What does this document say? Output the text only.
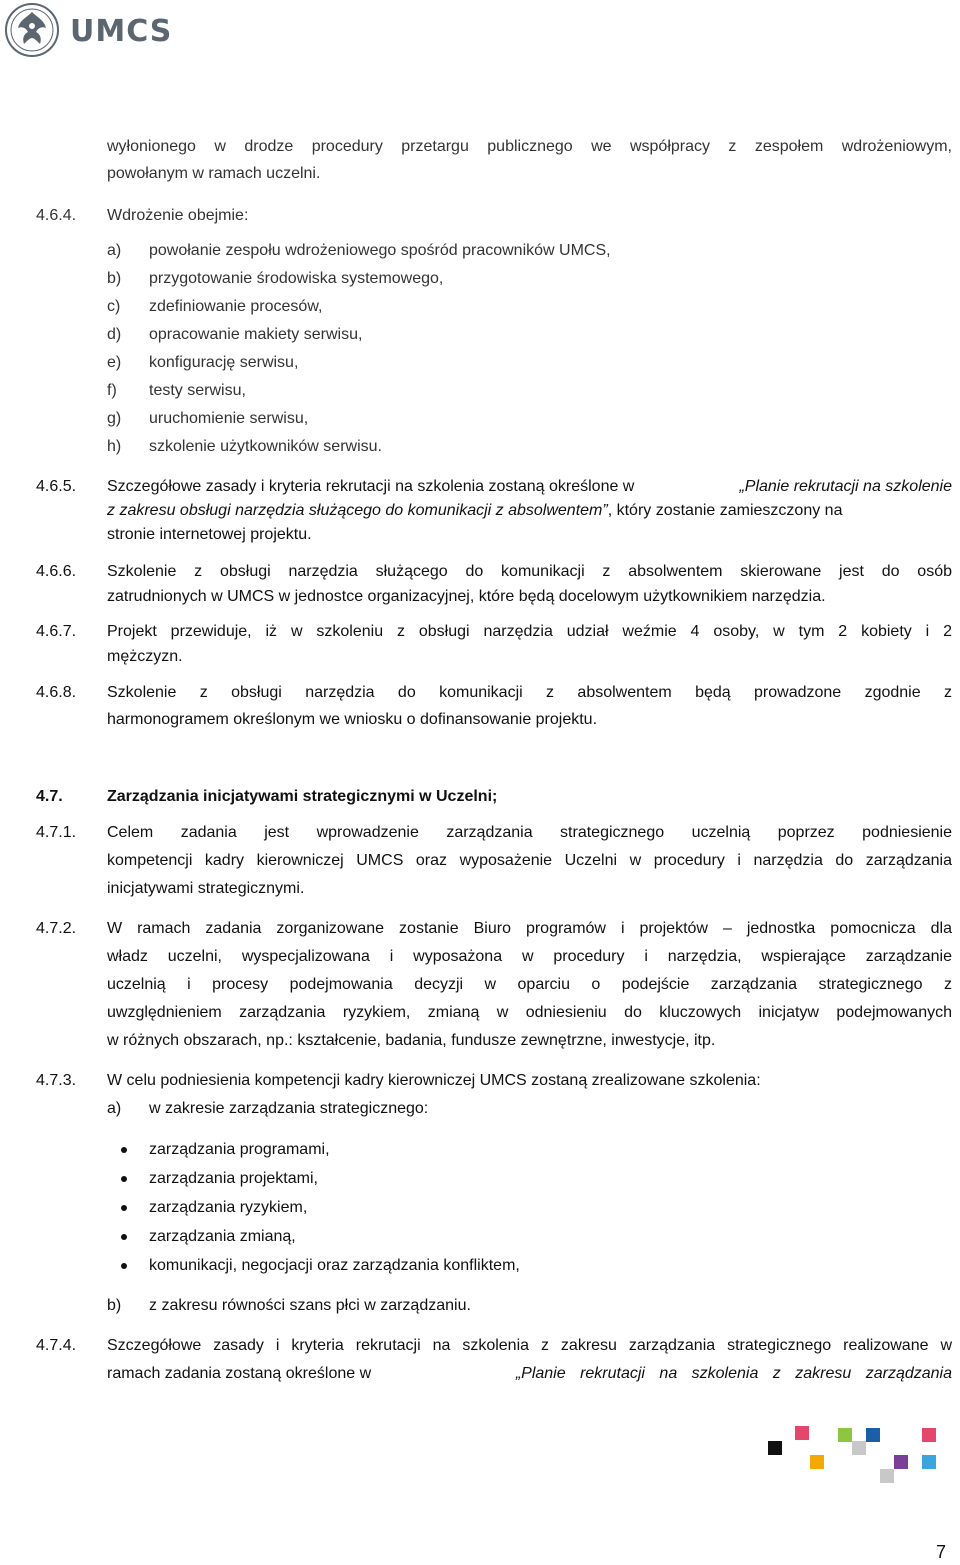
UMCS
wyłonionego w drodze procedury przetargu publicznego we współpracy z zespołem wdrożeniowym,
powołanym w ramach uczelni.
4.6.4. Wdrożenie obejmie:
a) powołanie zespołu wdrożeniowego spośród pracowników UMCS,
b) przygotowanie środowiska systemowego,
c) zdefiniowanie procesów,
d) opracowanie makiety serwisu,
e) konfigurację serwisu,
f) testy serwisu,
g) uruchomienie serwisu,
h) szkolenie użytkowników serwisu.
4.6.5. Szczegółowe zasady i kryteria rekrutacji na szkolenia zostaną określone w	„Planie rekrutacji na szkolenie
z zakresu obsługi narzędzia służącego do komunikacji z absolwentem”, który zostanie zamieszczony na
stronie internetowej projektu.
4.6.6. Szkolenie z obsługi narzędzia służącego do komunikacji z absolwentem skierowane jest do osób
zatrudnionych w UMCS w jednostce organizacyjnej, które będą docelowym użytkownikiem narzędzia.
4.6.7. Projekt przewiduje, iż w szkoleniu z obsługi narzędzia udział weźmie 4 osoby, w tym 2 kobiety i 2
mężczyzn.
4.6.8. Szkolenie z obsługi narzędzia do komunikacji z absolwentem będą prowadzone zgodnie z
harmonogramem określonym we wniosku o dofinansowanie projektu.
4.7.	Zarządzania inicjatywami strategicznymi w Uczelni;
4.7.1. Celem zadania jest wprowadzenie zarządzania strategicznego uczelnią poprzez podniesienie
kompetencji kadry kierowniczej UMCS oraz wyposażenie Uczelni w procedury i narzędzia do zarządzania
inicjatywami strategicznymi.
4.7.2. W ramach zadania zorganizowane zostanie Biuro programów i projektów – jednostka pomocnicza dla
władz uczelni, wyspecjalizowana i wyposażona w procedury i narzędzia, wspierające zarządzanie
uczelnią i procesy podejmowania decyzji w oparciu o podejście zarządzania strategicznego z
uwzględnieniem zarządzania ryzykiem, zmianą w odniesieniu do kluczowych inicjatyw podejmowanych
w różnych obszarach, np.: kształcenie, badania, fundusze zewnętrzne, inwestycje, itp.
4.7.3. W celu podniesienia kompetencji kadry kierowniczej UMCS zostaną zrealizowane szkolenia:
a) w zakresie zarządzania strategicznego:
zarządzania programami,
zarządzania projektami,
zarządzania ryzykiem,
zarządzania zmianą,
komunikacji, negocjacji oraz zarządzania konfliktem,
b) z zakresu równości szans płci w zarządzaniu.
4.7.4. Szczegółowe zasady i kryteria rekrutacji na szkolenia z zakresu zarządzania strategicznego realizowane w
ramach zadania zostaną określone w	„Planie rekrutacji na szkolenia z zakresu zarządzania
7
